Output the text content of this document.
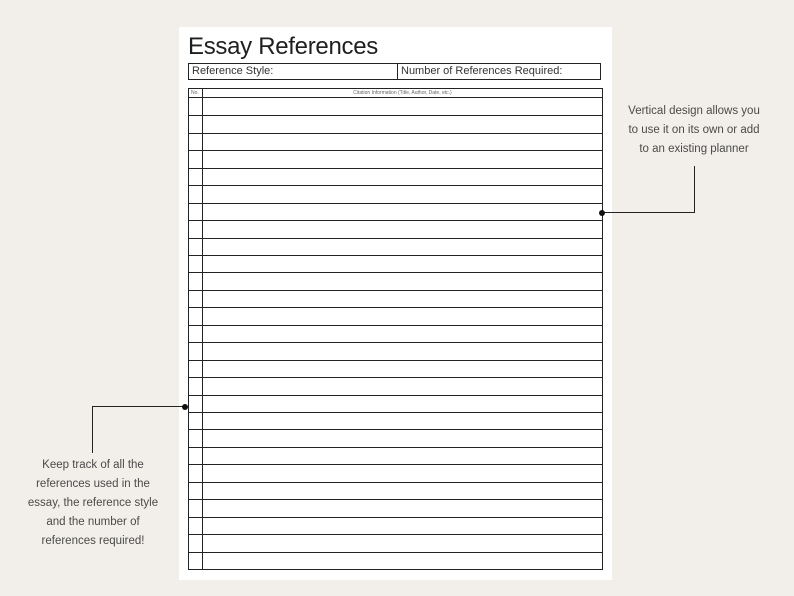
Essay References
Reference Style:	Number of References Required:
No.	Citation Information (Title, Author, Date, etc.)
Vertical design allows you
to use it on its own or add
to an existing planner
Keep track of all the
references used in the
essay, the reference style
and the number of
references required!
